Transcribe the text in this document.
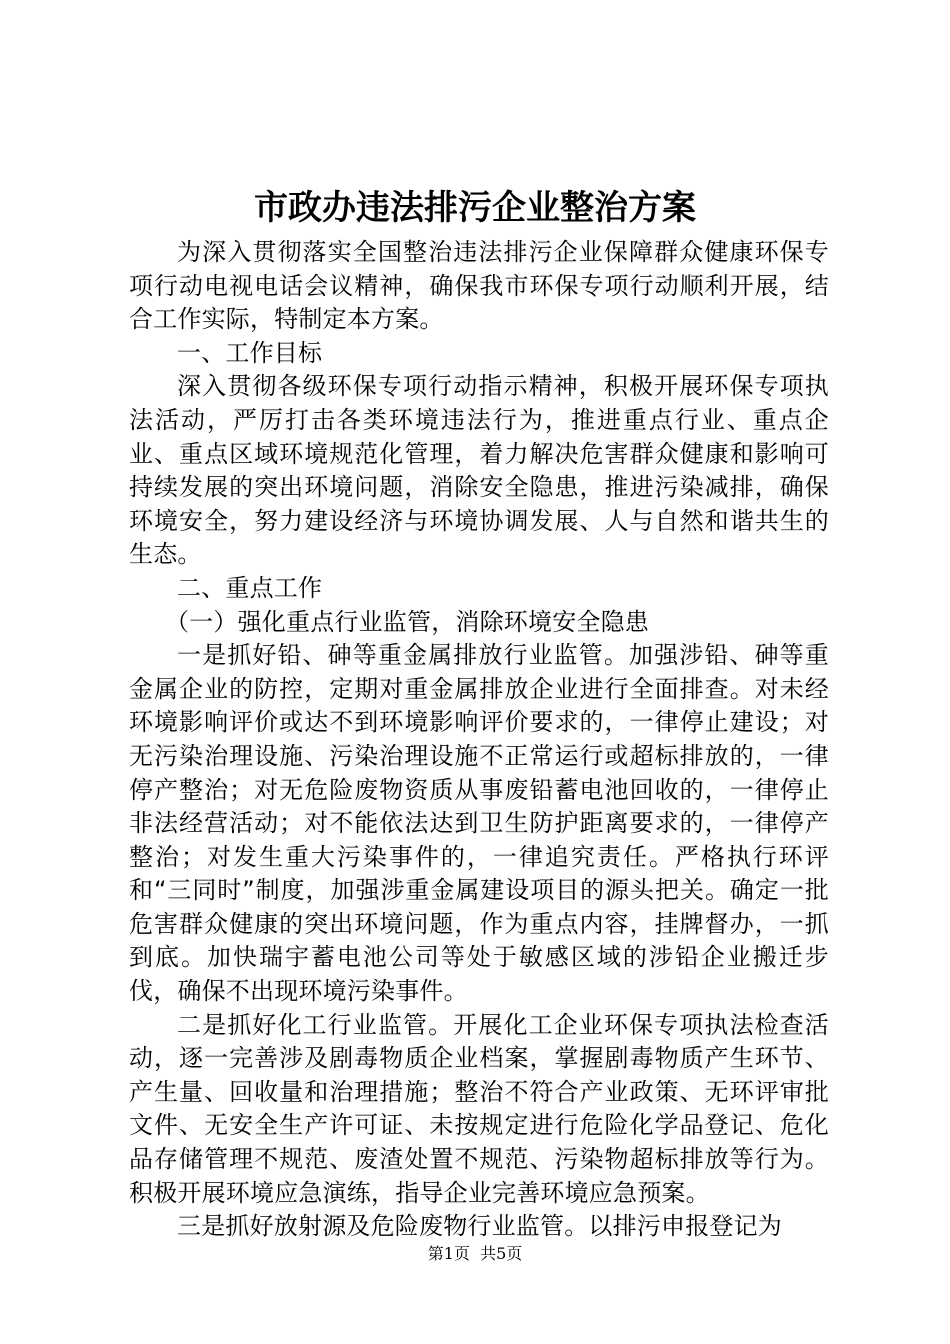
市政办违法排污企业整治方案

为深入贯彻落实全国整治违法排污企业保障群众健康环保专项行动电视电话会议精神，确保我市环保专项行动顺利开展，结合工作实际，特制定本方案。

一、工作目标

深入贯彻各级环保专项行动指示精神，积极开展环保专项执法活动，严厉打击各类环境违法行为，推进重点行业、重点企业、重点区域环境规范化管理，着力解决危害群众健康和影响可持续发展的突出环境问题，消除安全隐患，推进污染减排，确保环境安全，努力建设经济与环境协调发展、人与自然和谐共生的生态。

二、重点工作

（一）强化重点行业监管，消除环境安全隐患

一是抓好铅、砷等重金属排放行业监管。加强涉铅、砷等重金属企业的防控，定期对重金属排放企业进行全面排查。对未经环境影响评价或达不到环境影响评价要求的，一律停止建设；对无污染治理设施、污染治理设施不正常运行或超标排放的，一律停产整治；对无危险废物资质从事废铅蓄电池回收的，一律停止非法经营活动；对不能依法达到卫生防护距离要求的，一律停产整治；对发生重大污染事件的，一律追究责任。严格执行环评和“三同时”制度，加强涉重金属建设项目的源头把关。确定一批危害群众健康的突出环境问题，作为重点内容，挂牌督办，一抓到底。加快瑞宇蓄电池公司等处于敏感区域的涉铅企业搬迁步伐，确保不出现环境污染事件。

二是抓好化工行业监管。开展化工企业环保专项执法检查活动，逐一完善涉及剧毒物质企业档案，掌握剧毒物质产生环节、产生量、回收量和治理措施；整治不符合产业政策、无环评审批文件、无安全生产许可证、未按规定进行危险化学品登记、危化品存储管理不规范、废渣处置不规范、污染物超标排放等行为。积极开展环境应急演练，指导企业完善环境应急预案。

三是抓好放射源及危险废物行业监管。以排污申报登记为

第1页  共5页
